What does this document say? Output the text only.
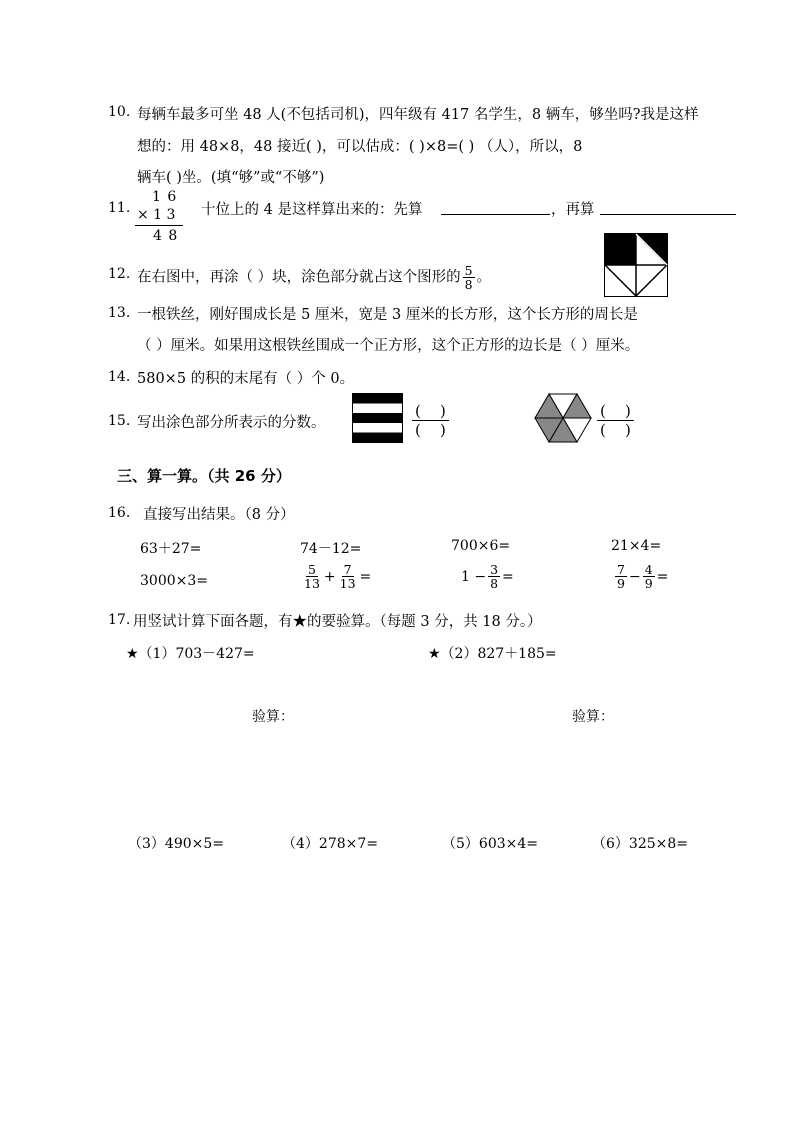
10. 每辆车最多可坐 48 人(不包括司机)，四年级有 417 名学生，8 辆车，够坐吗?我是这样
想的：用 48×8，48 接近( )，可以估成：( )×8=( ) （人），所以，8
辆车( )坐。(填“够”或“不够”)
11.
1 6
× 1 3
4 8
十位上的 4 是这样算出来的：先算	，再算
12. 在右图中，再涂（ ）块，涂色部分就占这个图形的 $\frac{5}{8}$ 。
13. 一根铁丝，刚好围成长是 5 厘米，宽是 3 厘米的长方形，这个长方形的周长是
（ ）厘米。如果用这根铁丝围成一个正方形，这个正方形的边长是（ ）厘米。
14. 580×5 的积的末尾有（ ）个 0。
15. 写出涂色部分所表示的分数。
( )
( )
( )
( )
三、算一算。（共 26 分）
16. 直接写出结果。（8 分）
63＋27=	74－12=	700×6=	21×4=
3000×3=	$\frac{5}{13} + \frac{7}{13}$ =	$1 - \frac{3}{8}$ =	$\frac{7}{9} - \frac{4}{9}$ =
17. 用竖试计算下面各题，有★的要验算。（每题 3 分，共 18 分。）
★（1）703－427=	★（2）827＋185=
验算：	验算：
（3）490×5=	（4）278×7=	（5）603×4=	（6）325×8=
